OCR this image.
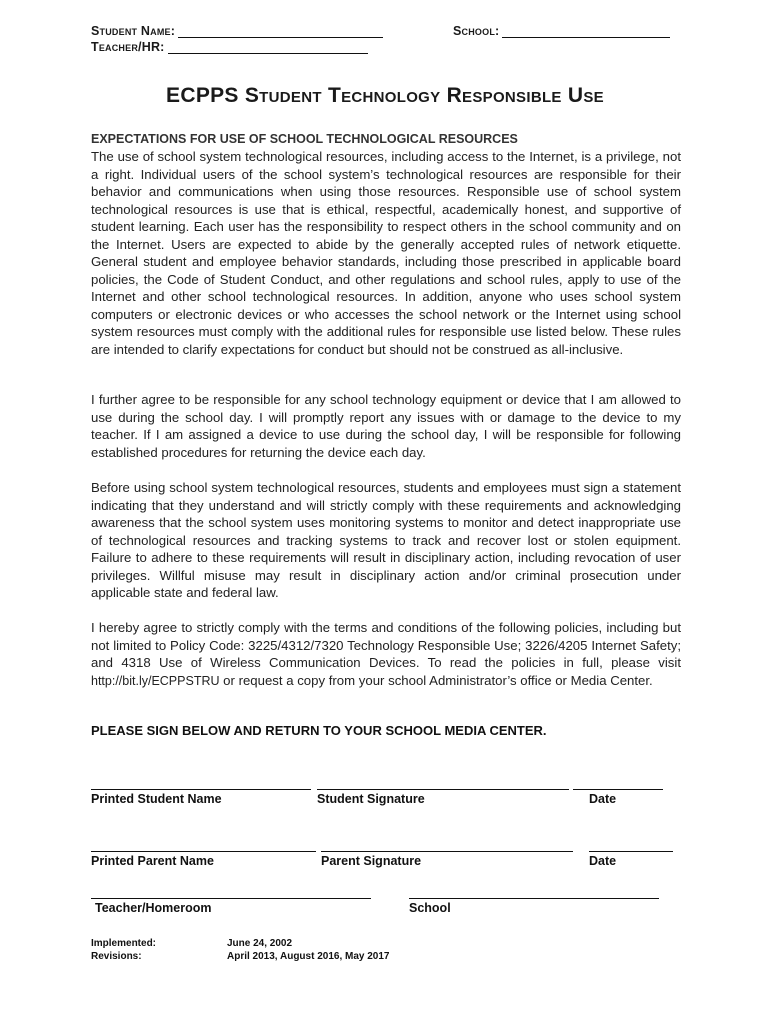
Student Name:	School:
Teacher/HR:
ECPPS Student Technology Responsible Use
EXPECTATIONS FOR USE OF SCHOOL TECHNOLOGICAL RESOURCES
The use of school system technological resources, including access to the Internet, is a privilege, not a right. Individual users of the school system’s technological resources are responsible for their behavior and communications when using those resources. Responsible use of school system technological resources is use that is ethical, respectful, academically honest, and supportive of student learning. Each user has the responsibility to respect others in the school community and on the Internet. Users are expected to abide by the generally accepted rules of network etiquette. General student and employee behavior standards, including those prescribed in applicable board policies, the Code of Student Conduct, and other regulations and school rules, apply to use of the Internet and other school technological resources. In addition, anyone who uses school system computers or electronic devices or who accesses the school network or the Internet using school system resources must comply with the additional rules for responsible use listed below. These rules are intended to clarify expectations for conduct but should not be construed as all-inclusive.
I further agree to be responsible for any school technology equipment or device that I am allowed to use during the school day. I will promptly report any issues with or damage to the device to my teacher. If I am assigned a device to use during the school day, I will be responsible for following established procedures for returning the device each day.
Before using school system technological resources, students and employees must sign a statement indicating that they understand and will strictly comply with these requirements and acknowledging awareness that the school system uses monitoring systems to monitor and detect inappropriate use of technological resources and tracking systems to track and recover lost or stolen equipment. Failure to adhere to these requirements will result in disciplinary action, including revocation of user privileges. Willful misuse may result in disciplinary action and/or criminal prosecution under applicable state and federal law.
I hereby agree to strictly comply with the terms and conditions of the following policies, including but not limited to Policy Code: 3225/4312/7320 Technology Responsible Use; 3226/4205 Internet Safety; and 4318 Use of Wireless Communication Devices. To read the policies in full, please visit http://bit.ly/ECPPSTRU or request a copy from your school Administrator’s office or Media Center.
PLEASE SIGN BELOW AND RETURN TO YOUR SCHOOL MEDIA CENTER.
Printed Student Name	Student Signature	Date
Printed Parent Name	Parent Signature	Date
Teacher/Homeroom	School
Implemented:	June 24, 2002
Revisions:	April 2013, August 2016, May 2017
